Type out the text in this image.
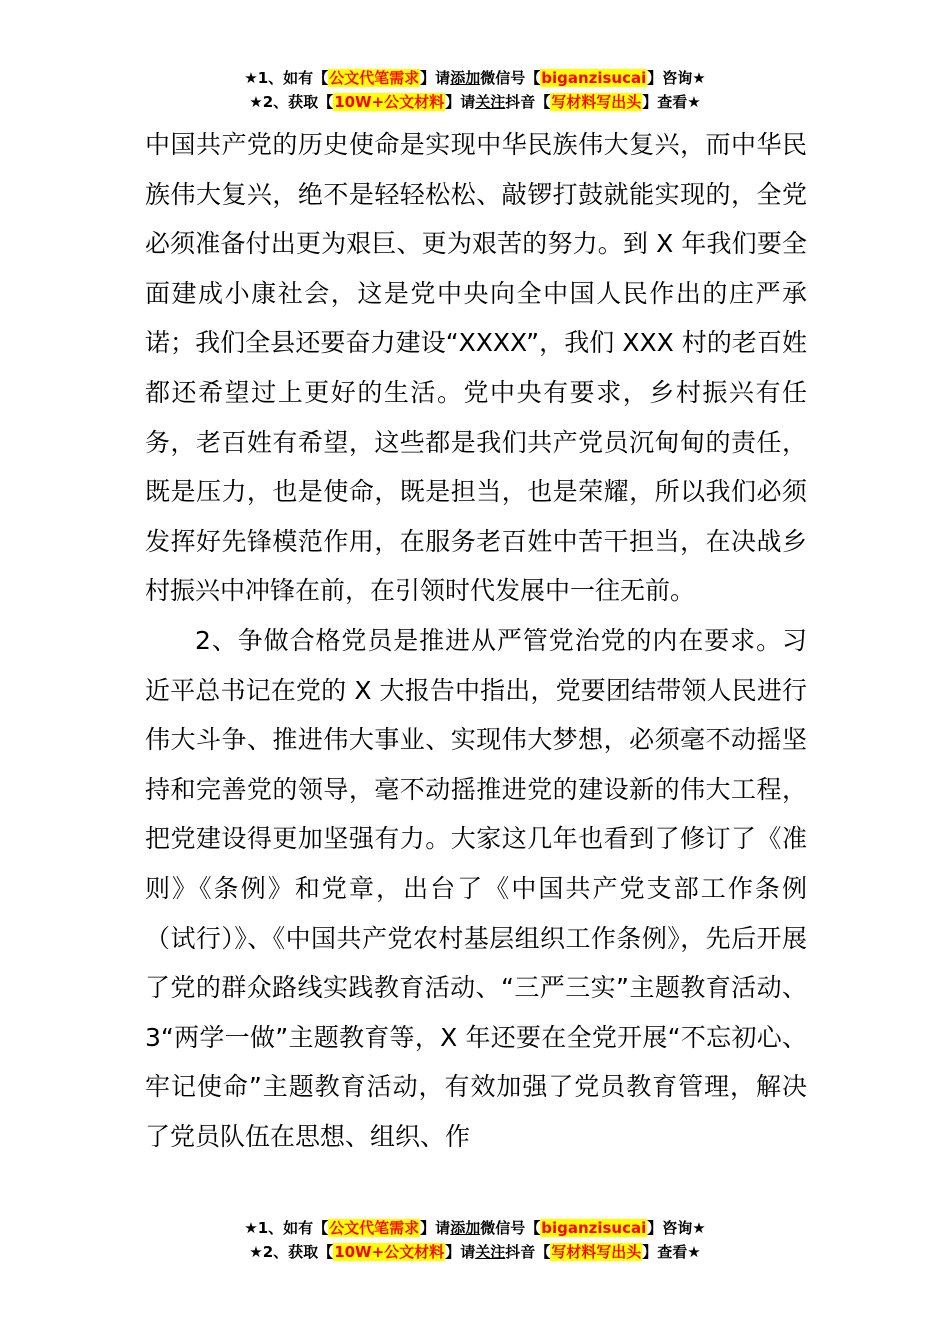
★1、如有【公文代笔需求】请添加微信号【biganzisucai】咨询★
★2、获取【10W+公文材料】请关注抖音【写材料写出头】查看★

中国共产党的历史使命是实现中华民族伟大复兴，而中华民族伟大复兴，绝不是轻轻松松、敲锣打鼓就能实现的，全党必须准备付出更为艰巨、更为艰苦的努力。到 X 年我们要全面建成小康社会，这是党中央向全中国人民作出的庄严承诺；我们全县还要奋力建设“XXXX”，我们 XXX 村的老百姓都还希望过上更好的生活。党中央有要求，乡村振兴有任务，老百姓有希望，这些都是我们共产党员沉甸甸的责任，既是压力，也是使命，既是担当，也是荣耀，所以我们必须发挥好先锋模范作用，在服务老百姓中苦干担当，在决战乡村振兴中冲锋在前，在引领时代发展中一往无前。

2、争做合格党员是推进从严管党治党的内在要求。习近平总书记在党的 X 大报告中指出，党要团结带领人民进行伟大斗争、推进伟大事业、实现伟大梦想，必须毫不动摇坚持和完善党的领导，毫不动摇推进党的建设新的伟大工程，把党建设得更加坚强有力。大家这几年也看到了修订了《准则》《条例》和党章，出台了《中国共产党支部工作条例（试行）》、《中国共产党农村基层组织工作条例》，先后开展了党的群众路线实践教育活动、“三严三实”主题教育活动、3“两学一做”主题教育等，X 年还要在全党开展“不忘初心、牢记使命”主题教育活动，有效加强了党员教育管理，解决了党员队伍在思想、组织、作

★1、如有【公文代笔需求】请添加微信号【biganzisucai】咨询★
★2、获取【10W+公文材料】请关注抖音【写材料写出头】查看★
